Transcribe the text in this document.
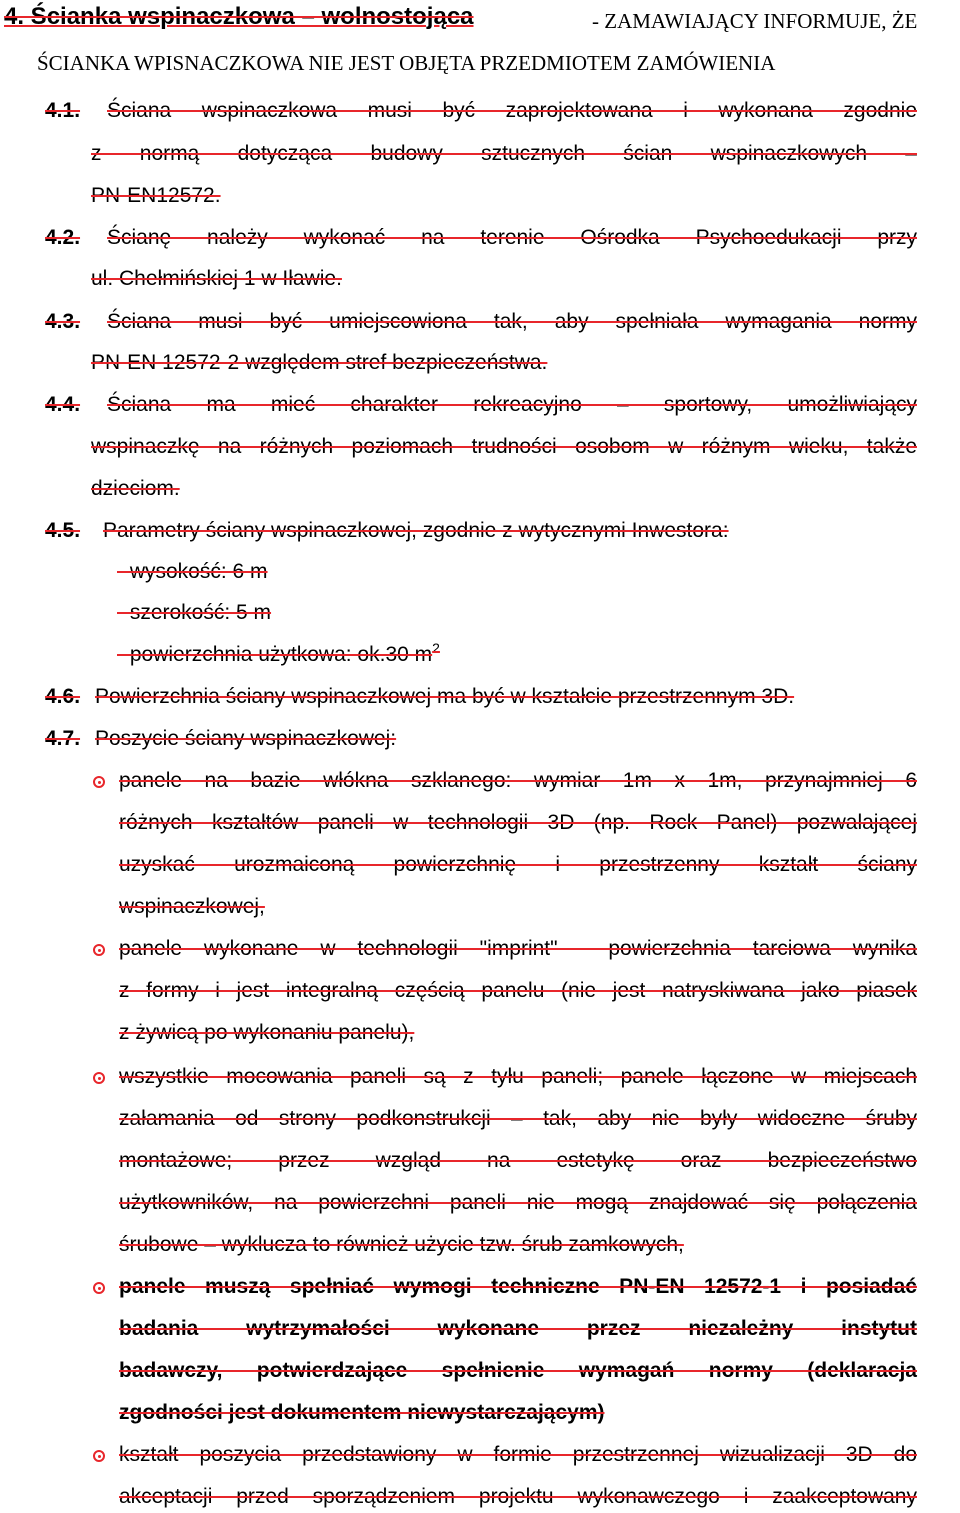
4. Ścianka wspinaczkowa – wolnostojąca	- ZAMAWIAJĄCY INFORMUJE, ŻE
ŚCIANKA WPISNACZKOWA NIE JEST OBJĘTA PRZEDMIOTEM ZAMÓWIENIA
4.1. Ściana wspinaczkowa musi być zaprojektowana i wykonana zgodnie
z normą dotycząca budowy sztucznych ścian wspinaczkowych –
PN-EN12572.
4.2. Ścianę należy wykonać na terenie Ośrodka Psychoedukacji przy
ul. Chełmińskiej 1 w Iławie.
4.3. Ściana musi być umiejscowiona tak, aby spełniała wymagania normy
PN-EN 12572-2 względem stref bezpieczeństwa.
4.4. Ściana ma mieć charakter rekreacyjno – sportowy, umożliwiający
wspinaczkę na różnych poziomach trudności osobom w różnym wieku, także
dzieciom.
4.5. Parametry ściany wspinaczkowej, zgodnie z wytycznymi Inwestora:
- wysokość: 6 m
- szerokość: 5 m
- powierzchnia użytkowa: ok.30 $m^2$
4.6. Powierzchnia ściany wspinaczkowej ma być w kształcie przestrzennym 3D.
4.7. Poszycie ściany wspinaczkowej:
panele na bazie włókna szklanego: wymiar 1m x 1m, przynajmniej 6
różnych kształtów paneli w technologii 3D (np. Rock Panel) pozwalającej
uzyskać urozmaiconą powierzchnię i przestrzenny kształt ściany
wspinaczkowej,
panele wykonane w technologii "imprint" - powierzchnia tarciowa wynika
z formy i jest integralną częścią panelu (nie jest natryskiwana jako piasek
z żywicą po wykonaniu panelu),
wszystkie mocowania paneli są z tyłu paneli; panele łączone w miejscach
załamania od strony podkonstrukcji – tak, aby nie były widoczne śruby
montażowe; przez wzgląd na estetykę oraz bezpieczeństwo
użytkowników, na powierzchni paneli nie mogą znajdować się połączenia
śrubowe – wyklucza to również użycie tzw. śrub zamkowych,
panele muszą spełniać wymogi techniczne PN-EN 12572-1 i posiadać
badania wytrzymałości wykonane przez niezależny instytut
badawczy, potwierdzające spełnienie wymagań normy (deklaracja
zgodności jest dokumentem niewystarczającym)
kształt poszycia przedstawiony w formie przestrzennej wizualizacji 3D do
akceptacji przed sporządzeniem projektu wykonawczego i zaakceptowany
